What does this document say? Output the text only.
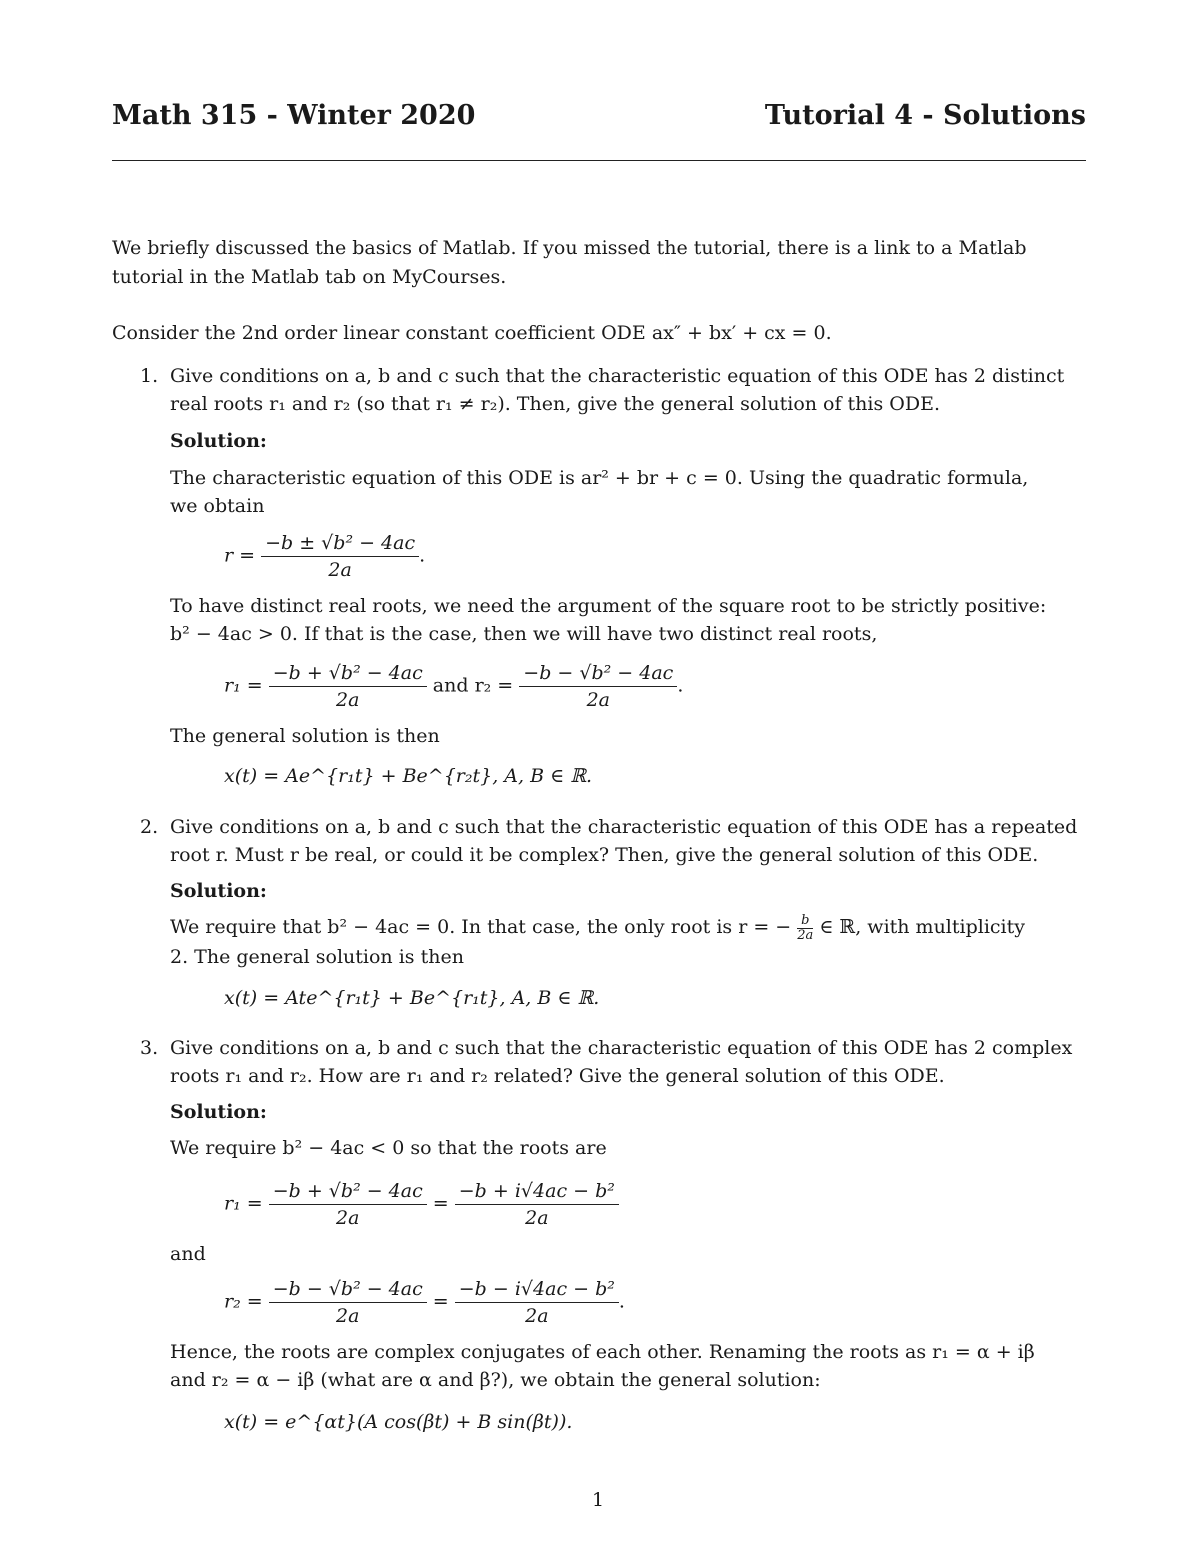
Math 315 - Winter 2020	Tutorial 4 - Solutions
We briefly discussed the basics of Matlab. If you missed the tutorial, there is a link to a Matlab
tutorial in the Matlab tab on MyCourses.
Consider the 2nd order linear constant coefficient ODE ax″ + bx′ + cx = 0.
1. Give conditions on a, b and c such that the characteristic equation of this ODE has 2 distinct
real roots r₁ and r₂ (so that r₁ ≠ r₂). Then, give the general solution of this ODE.
Solution:
The characteristic equation of this ODE is ar² + br + c = 0. Using the quadratic formula,
we obtain
$r = \frac{\text{−b ± √b² − 4ac}}{2a}$ .
To have distinct real roots, we need the argument of the square root to be strictly positive:
b² − 4ac > 0. If that is the case, then we will have two distinct real roots,
$r_1 = \frac{\text{−b + √b² − 4ac}}{2a}$ and $r_2 = \frac{\text{−b − √b² − 4ac}}{2a}$ .
The general solution is then
x(t) = Ae^{r₁t} + Be^{r₂t}, A, B ∈ ℝ.
2. Give conditions on a, b and c such that the characteristic equation of this ODE has a repeated
root r. Must r be real, or could it be complex? Then, give the general solution of this ODE.
Solution:
We require that b² − 4ac = 0. In that case, the only root is r = − $\frac{b}{2a}$ ∈ ℝ, with multiplicity
2. The general solution is then
x(t) = Ate^{r₁t} + Be^{r₁t}, A, B ∈ ℝ.
3. Give conditions on a, b and c such that the characteristic equation of this ODE has 2 complex
roots r₁ and r₂. How are r₁ and r₂ related? Give the general solution of this ODE.
Solution:
We require b² − 4ac < 0 so that the roots are
$r_1 = \frac{\text{−b + √b² − 4ac}}{2a} = \frac{\text{−b + i√4ac − b²}}{2a}$
and
$r_2 = \frac{\text{−b − √b² − 4ac}}{2a} = \frac{\text{−b − i√4ac − b²}}{2a}$ .
Hence, the roots are complex conjugates of each other. Renaming the roots as r₁ = α + iβ
and r₂ = α − iβ (what are α and β?), we obtain the general solution:
x(t) = e^{αt}(A cos(βt) + B sin(βt)).
1
